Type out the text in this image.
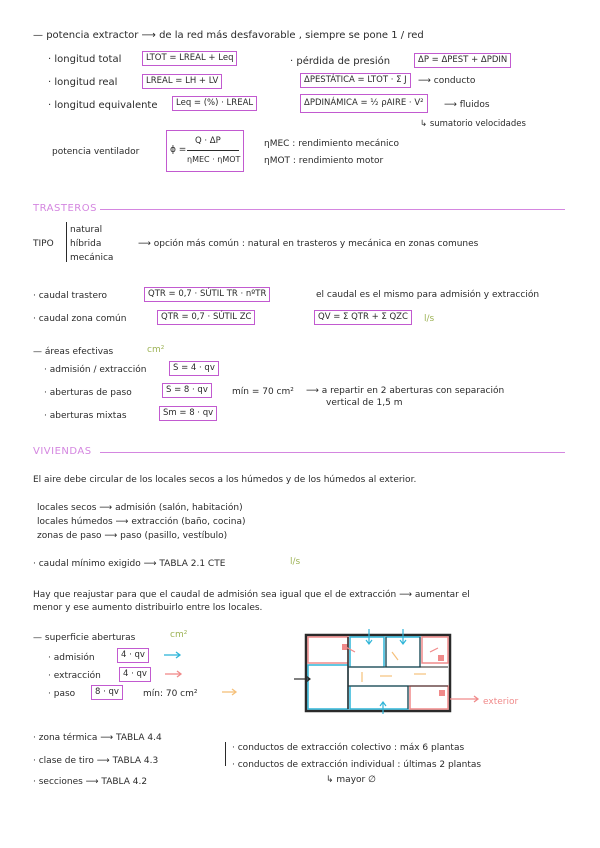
— potencia extractor ⟶ de la red más desfavorable , siempre se pone 1 / red
· longitud total	LTOT = LREAL + Leq
· longitud real	LREAL = LH + LV
· longitud equivalente	Leq = (%) · LREAL
· pérdida de presión	ΔP = ΔPEST + ΔPDIN
ΔPESTÁTICA = LTOT · Σ J	⟶ conducto
ΔPDINÁMICA = ½ ρAIRE · V²	⟶ fluidos
↳ sumatorio velocidades
potencia ventilador	ϕ =
Q · ΔP
ηMEC · ηMOT
ηMEC : rendimiento mecánico
ηMOT : rendimiento motor
TRASTEROS
TIPO
natural
híbrida
mecánica
⟶ opción más común : natural en trasteros y mecánica en zonas comunes
· caudal trastero	QTR = 0,7 · SÚTIL TR · nºTR	el caudal es el mismo para admisión y extracción
· caudal zona común	QTR = 0,7 · SÚTIL ZC	QV = Σ QTR + Σ QZC	l/s
— áreas efectivas	cm²
· admisión / extracción	S = 4 · qv
· aberturas de paso	S = 8 · qv
· aberturas mixtas	Sm = 8 · qv
mín = 70 cm² ⟶ a repartir en 2 aberturas con separación
vertical de 1,5 m
VIVIENDAS
El aire debe circular de los locales secos a los húmedos y de los húmedos al exterior.
locales secos ⟶ admisión (salón, habitación)
locales húmedos ⟶ extracción (baño, cocina)
zonas de paso ⟶ paso (pasillo, vestíbulo)
· caudal mínimo exigido ⟶ TABLA 2.1 CTE	l/s
Hay que reajustar para que el caudal de admisión sea igual que el de extracción ⟶ aumentar el
menor y ese aumento distribuirlo entre los locales.
— superficie aberturas	cm²
· admisión	4 · qv
· extracción	4 · qv
· paso	8 · qv	mín: 70 cm²
exterior
· zona térmica ⟶ TABLA 4.4
· clase de tiro ⟶ TABLA 4.3
· secciones ⟶ TABLA 4.2
· conductos de extracción colectivo : máx 6 plantas
· conductos de extracción individual : últimas 2 plantas
↳ mayor ∅
